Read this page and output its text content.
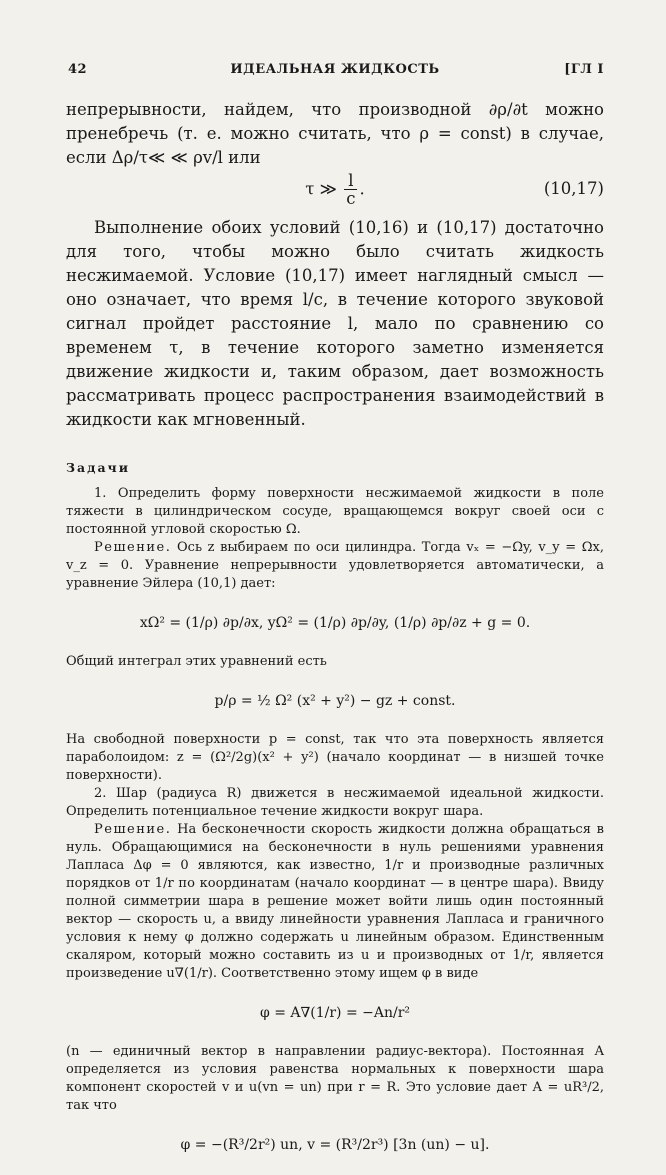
42	ИДЕАЛЬНАЯ ЖИДКОСТЬ	[ГЛ I

непрерывности, найдем, что производной ∂ρ/∂t можно пренебречь (т. е. можно считать, что ρ = const) в случае, если Δρ/τ≪ ≪ ρv/l или

τ ≫ $\frac{l}{c}$ .	(10,17)

Выполнение обоих условий (10,16) и (10,17) достаточно для того, чтобы можно было считать жидкость несжимаемой. Условие (10,17) имеет наглядный смысл — оно означает, что время l/c, в течение которого звуковой сигнал пройдет расстояние l, мало по сравнению со временем τ, в течение которого заметно изменяется движение жидкости и, таким образом, дает возможность рассматривать процесс распространения взаимодействий в жидкости как мгновенный.

Задачи

1. Определить форму поверхности несжимаемой жидкости в поле тяжести в цилиндрическом сосуде, вращающемся вокруг своей оси с постоянной угловой скоростью Ω.

Решение. Ось z выбираем по оси цилиндра. Тогда vₓ = −Ωy, v_y = Ωx, v_z = 0. Уравнение непрерывности удовлетворяется автоматически, а уравнение Эйлера (10,1) дает:

xΩ² = (1/ρ) ∂p/∂x, yΩ² = (1/ρ) ∂p/∂y, (1/ρ) ∂p/∂z + g = 0.

Общий интеграл этих уравнений есть

p/ρ = ½ Ω² (x² + y²) − gz + const.

На свободной поверхности p = const, так что эта поверхность является параболоидом: z = (Ω²/2g)(x² + y²) (начало координат — в низшей точке поверхности).

2. Шар (радиуса R) движется в несжимаемой идеальной жидкости. Определить потенциальное течение жидкости вокруг шара.

Решение. На бесконечности скорость жидкости должна обращаться в нуль. Обращающимися на бесконечности в нуль решениями уравнения Лапласа Δφ = 0 являются, как известно, 1/r и производные различных порядков от 1/r по координатам (начало координат — в центре шара). Ввиду полной симметрии шара в решение может войти лишь один постоянный вектор — скорость u, а ввиду линейности уравнения Лапласа и граничного условия к нему φ должно содержать u линейным образом. Единственным скаляром, который можно составить из u и производных от 1/r, является произведение u∇(1/r). Соответственно этому ищем φ в виде

φ = A∇(1/r) = −An/r²

(n — единичный вектор в направлении радиус-вектора). Постоянная A определяется из условия равенства нормальных к поверхности шара компонент скоростей v и u(vn = un) при r = R. Это условие дает A = uR³/2, так что

φ = −(R³/2r²) un, v = (R³/2r³) [3n (un) − u].
